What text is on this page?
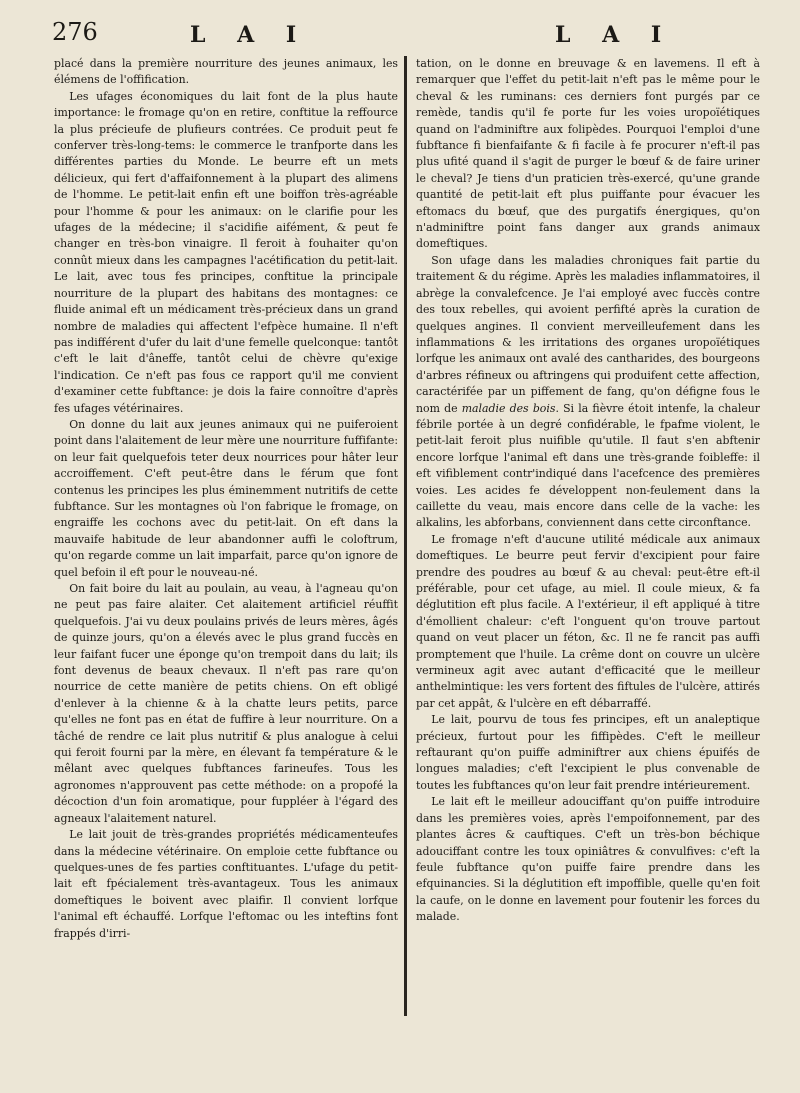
276	L A I	L A I

placé dans la première nourriture des jeunes animaux, les élémens de l'offification.

Les ufages économiques du lait font de la plus haute importance: le fromage qu'on en retire, conftitue la reffource la plus précieufe de plufieurs contrées. Ce produit peut fe conferver très-long-tems: le commerce le tranfporte dans les différentes parties du Monde. Le beurre eft un mets délicieux, qui fert d'affaifonnement à la plupart des alimens de l'homme. Le petit-lait enfin eft une boiffon très-agréable pour l'homme & pour les animaux: on le clarifie pour les ufages de la médecine; il s'acidifie aifément, & peut fe changer en très-bon vinaigre. Il feroit à fouhaiter qu'on connût mieux dans les campagnes l'acétification du petit-lait. Le lait, avec tous fes principes, conftitue la principale nourriture de la plupart des habitans des montagnes: ce fluide animal eft un médicament très-précieux dans un grand nombre de maladies qui affectent l'efpèce humaine. Il n'eft pas indifférent d'ufer du lait d'une femelle quelconque: tantôt c'eft le lait d'âneffe, tantôt celui de chèvre qu'exige l'indication. Ce n'eft pas fous ce rapport qu'il me convient d'examiner cette fubftance: je dois la faire connoître d'après fes ufages vétérinaires.

On donne du lait aux jeunes animaux qui ne puiferoient point dans l'alaitement de leur mère une nourriture fuffifante: on leur fait quelquefois teter deux nourrices pour hâter leur accroiffement. C'eft peut-être dans le férum que font contenus les principes les plus éminemment nutritifs de cette fubftance. Sur les montagnes où l'on fabrique le fromage, on engraiffe les cochons avec du petit-lait. On eft dans la mauvaife habitude de leur abandonner auffi le coloftrum, qu'on regarde comme un lait imparfait, parce qu'on ignore de quel befoin il eft pour le nouveau-né.

On fait boire du lait au poulain, au veau, à l'agneau qu'on ne peut pas faire alaiter. Cet alaitement artificiel réuffit quelquefois. J'ai vu deux poulains privés de leurs mères, âgés de quinze jours, qu'on a élevés avec le plus grand fuccès en leur faifant fucer une éponge qu'on trempoit dans du lait; ils font devenus de beaux chevaux. Il n'eft pas rare qu'on nourrice de cette manière de petits chiens. On eft obligé d'enlever à la chienne & à la chatte leurs petits, parce qu'elles ne font pas en état de fuffire à leur nourriture. On a tâché de rendre ce lait plus nutritif & plus analogue à celui qui feroit fourni par la mère, en élevant fa température & le mêlant avec quelques fubftances farineufes. Tous les agronomes n'approuvent pas cette méthode: on a propofé la décoction d'un foin aromatique, pour fuppléer à l'égard des agneaux l'alaitement naturel.

Le lait jouit de très-grandes propriétés médicamenteufes dans la médecine vétérinaire. On emploie cette fubftance ou quelques-unes de fes parties conftituantes. L'ufage du petit-lait eft fpécialement très-avantageux. Tous les animaux domeftiques le boivent avec plaifir. Il convient lorfque l'animal eft échauffé. Lorfque l'eftomac ou les inteftins font frappés d'irri-

tation, on le donne en breuvage & en lavemens. Il eft à remarquer que l'effet du petit-lait n'eft pas le même pour le cheval & les ruminans: ces derniers font purgés par ce remède, tandis qu'il fe porte fur les voies uropoïétiques quand on l'adminiftre aux folipèdes. Pourquoi l'emploi d'une fubftance fi bienfaifante & fi facile à fe procurer n'eft-il pas plus ufité quand il s'agit de purger le bœuf & de faire uriner le cheval? Je tiens d'un praticien très-exercé, qu'une grande quantité de petit-lait eft plus puiffante pour évacuer les eftomacs du bœuf, que des purgatifs énergiques, qu'on n'adminiftre point fans danger aux grands animaux domeftiques.

Son ufage dans les maladies chroniques fait partie du traitement & du régime. Après les maladies inflammatoires, il abrège la convalefcence. Je l'ai employé avec fuccès contre des toux rebelles, qui avoient perfifté après la curation de quelques angines. Il convient merveilleufement dans les inflammations & les irritations des organes uropoïétiques lorfque les animaux ont avalé des cantharides, des bourgeons d'arbres réfineux ou aftringens qui produifent cette affection, caractérifée par un piffement de fang, qu'on défigne fous le nom de maladie des bois. Si la fièvre étoit intenfe, la chaleur fébrile portée à un degré confidérable, le fpafme violent, le petit-lait feroit plus nuifible qu'utile. Il faut s'en abftenir encore lorfque l'animal eft dans une très-grande foibleffe: il eft vifiblement contr'indiqué dans l'acefcence des premières voies. Les acides fe développent non-feulement dans la caillette du veau, mais encore dans celle de la vache: les alkalins, les abforbans, conviennent dans cette circonftance.

Le fromage n'eft d'aucune utilité médicale aux animaux domeftiques. Le beurre peut fervir d'excipient pour faire prendre des poudres au bœuf & au cheval: peut-être eft-il préférable, pour cet ufage, au miel. Il coule mieux, & fa déglutition eft plus facile. A l'extérieur, il eft appliqué à titre d'émollient chaleur: c'eft l'onguent qu'on trouve partout quand on veut placer un féton, &c. Il ne fe rancit pas auffi promptement que l'huile. La crême dont on couvre un ulcère vermineux agit avec autant d'efficacité que le meilleur anthelmintique: les vers fortent des fiftules de l'ulcère, attirés par cet appât, & l'ulcère en eft débarraffé.

Le lait, pourvu de tous fes principes, eft un analeptique précieux, furtout pour les fiffipèdes. C'eft le meilleur reftaurant qu'on puiffe adminiftrer aux chiens épuifés de longues maladies; c'eft l'excipient le plus convenable de toutes les fubftances qu'on leur fait prendre intérieurement.

Le lait eft le meilleur adouciffant qu'on puiffe introduire dans les premières voies, après l'empoifonnement, par des plantes âcres & cauftiques. C'eft un très-bon béchique adouciffant contre les toux opiniâtres & convulfives: c'eft la feule fubftance qu'on puiffe faire prendre dans les efquinancies. Si la déglutition eft impoffible, quelle qu'en foit la caufe, on le donne en lavement pour foutenir les forces du malade.
